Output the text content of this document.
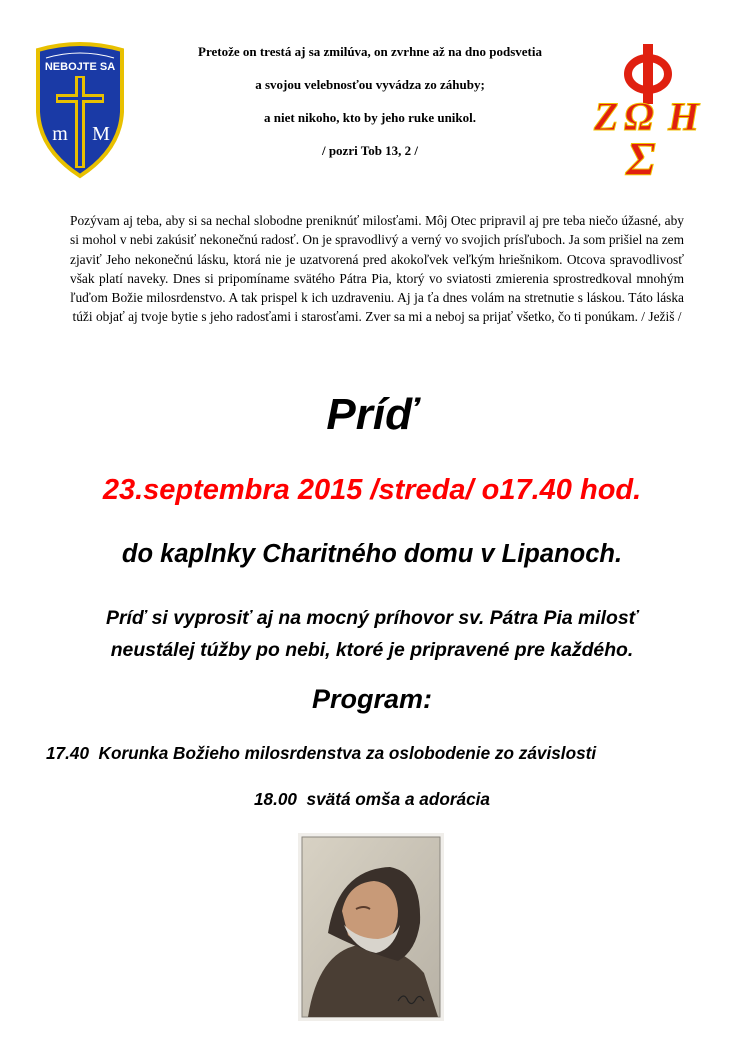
NEBOJTE SA
m M
Pretože on trestá aj sa zmilúva, on zvrhne až na dno podsvetia
a svojou velebnosťou vyvádza zo záhuby;
a niet nikoho, kto by jeho ruke unikol.
/ pozri Tob 13, 2 /
Z Ω H
Σ
Pozývam aj teba, aby si sa nechal slobodne preniknúť milosťami. Môj Otec pripravil aj pre teba niečo úžasné, aby si mohol v nebi zakúsiť nekonečnú radosť. On je spravodlivý a verný vo svojich prísľuboch. Ja som prišiel na zem zjaviť Jeho nekonečnú lásku, ktorá nie je uzatvorená pred akokoľvek veľkým hriešnikom. Otcova spravodlivosť však platí naveky. Dnes si pripomíname svätého Pátra Pia, ktorý vo sviatosti zmierenia sprostredkoval mnohým ľuďom Božie milosrdenstvo. A tak prispel k ich uzdraveniu. Aj ja ťa dnes volám na stretnutie s láskou. Táto láska túži objať aj tvoje bytie s jeho radosťami i starosťami. Zver sa mi a neboj sa prijať všetko, čo ti ponúkam. / Ježiš /
Príď
23.septembra 2015 /streda/ o17.40 hod.
do kaplnky Charitného domu v Lipanoch.
Príď si vyprosiť aj na mocný príhovor sv. Pátra Pia milosť
neustálej túžby po nebi, ktoré je pripravené pre každého.
Program:
17.40  Korunka Božieho milosrdenstva za oslobodenie zo závislosti
18.00  svätá omša a adorácia
